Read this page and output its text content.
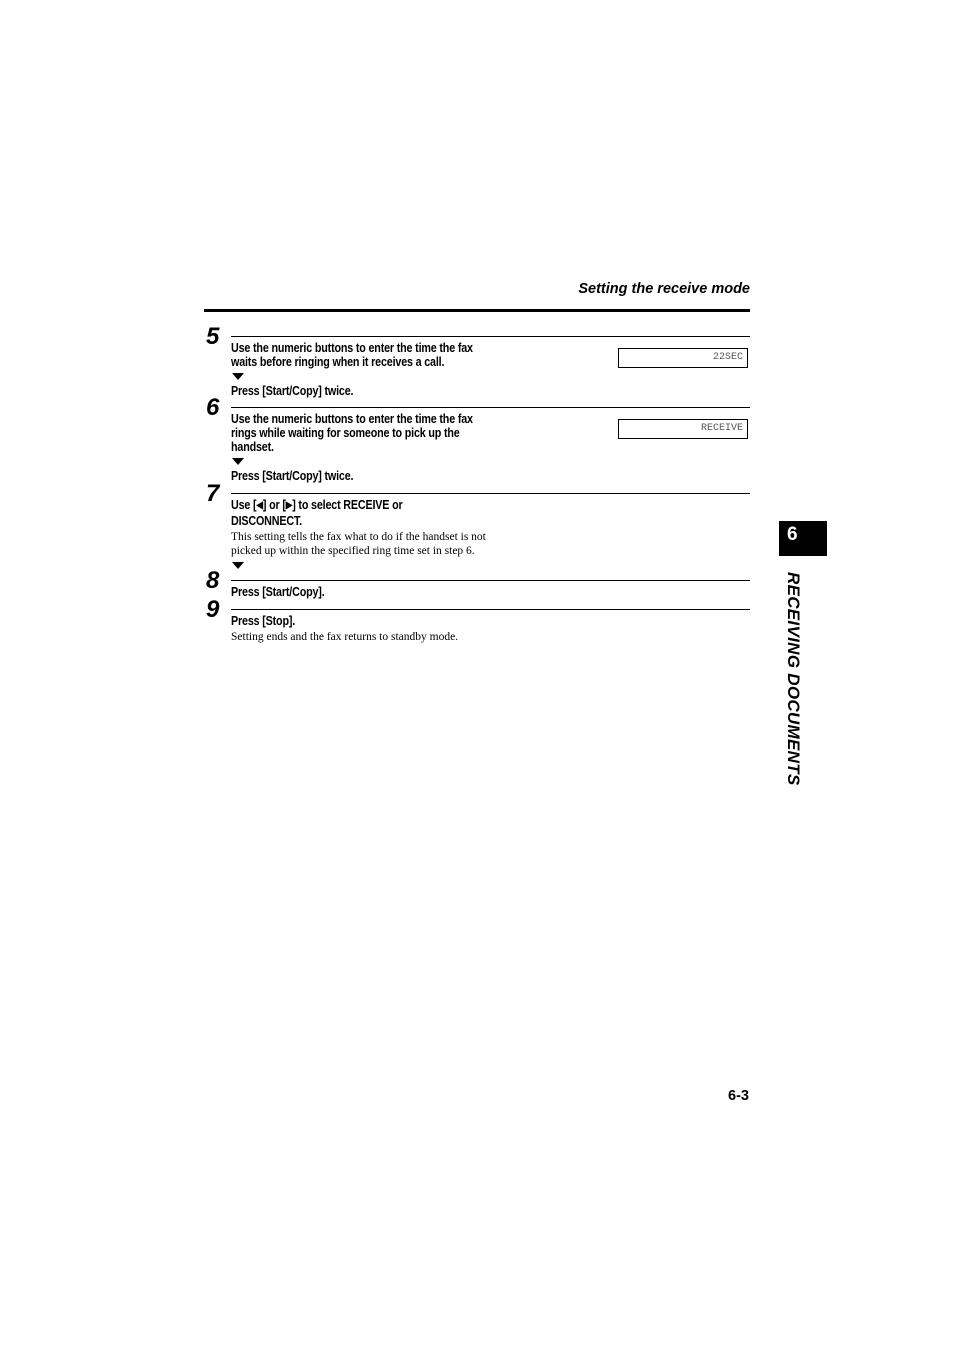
Setting the receive mode
5 Use the numeric buttons to enter the time the fax
waits before ringing when it receives a call.
Press [Start/Copy] twice.
22SEC
6 Use the numeric buttons to enter the time the fax
rings while waiting for someone to pick up the
handset.
Press [Start/Copy] twice.
RECEIVE
7 Use [◀] or [▶] to select RECEIVE or
DISCONNECT.
This setting tells the fax what to do if the handset is not
picked up within the specified ring time set in step 6.
8 Press [Start/Copy].
9 Press [Stop].
Setting ends and the fax returns to standby mode.
6
RECEIVING DOCUMENTS
6-3
